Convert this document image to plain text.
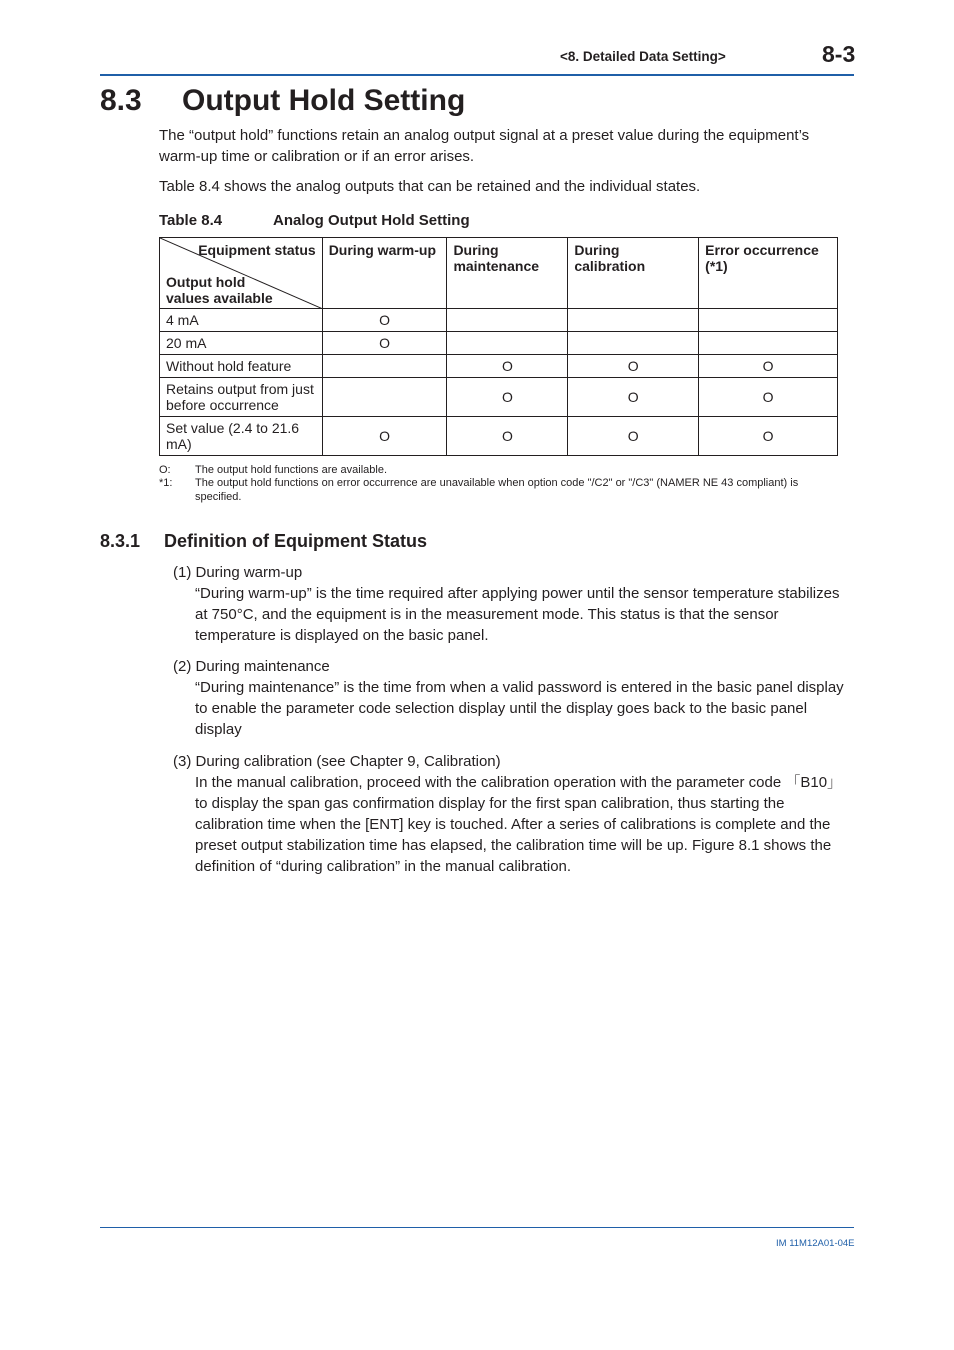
<8. Detailed Data Setting>	8-3
8.3 Output Hold Setting

The “output hold” functions retain an analog output signal at a preset value during the equipment’s warm-up time or calibration or if an error arises.

Table 8.4 shows the analog outputs that can be retained and the individual states.

Table 8.4	Analog Output Hold Setting
Equipment status
Output hold values available	During warm-up	During maintenance	During calibration	Error occurrence (*1)
4 mA	O			
20 mA	O			
Without hold feature		O	O	O
Retains output from just before occurrence		O	O	O
Set value (2.4 to 21.6 mA)	O	O	O	O
O: The output hold functions are available.
*1: The output hold functions on error occurrence are unavailable when option code "/C2" or "/C3" (NAMER NE 43 compliant) is specified.
8.3.1 Definition of Equipment Status
(1) During warm-up

“During warm-up” is the time required after applying power until the sensor temperature stabilizes at 750°C, and the equipment is in the measurement mode. This status is that the sensor temperature is displayed on the basic panel.

(2) During maintenance

“During maintenance” is the time from when a valid password is entered in the basic panel display to enable the parameter code selection display until the display goes back to the basic panel display

(3) During calibration (see Chapter 9, Calibration)

In the manual calibration, proceed with the calibration operation with the parameter code 「B10」to display the span gas confirmation display for the first span calibration, thus starting the calibration time when the [ENT] key is touched. After a series of calibrations is complete and the preset output stabilization time has elapsed, the calibration time will be up. Figure 8.1 shows the definition of “during calibration” in the manual calibration.

IM 11M12A01-04E
